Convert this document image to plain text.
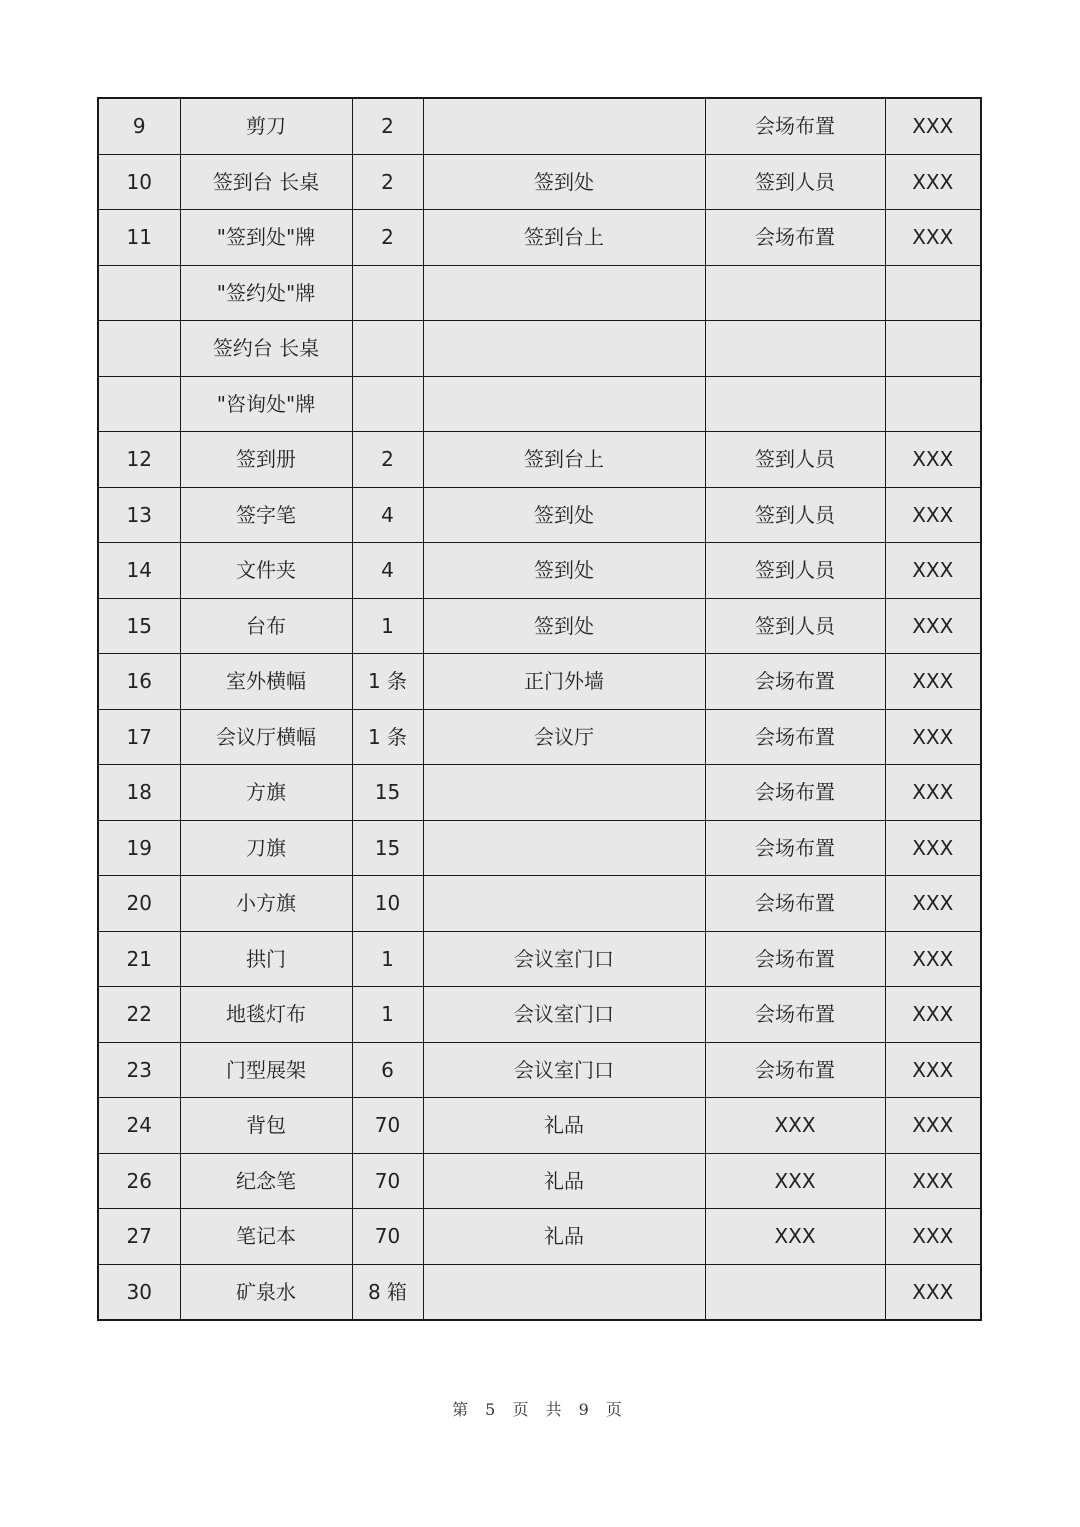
9	剪刀	2		会场布置	XXX
10	签到台 长桌	2	签到处	签到人员	XXX
11	"签到处"牌	2	签到台上	会场布置	XXX
	"签约处"牌				
	签约台 长桌				
	"咨询处"牌				
12	签到册	2	签到台上	签到人员	XXX
13	签字笔	4	签到处	签到人员	XXX
14	文件夹	4	签到处	签到人员	XXX
15	台布	1	签到处	签到人员	XXX
16	室外横幅	1 条	正门外墙	会场布置	XXX
17	会议厅横幅	1 条	会议厅	会场布置	XXX
18	方旗	15		会场布置	XXX
19	刀旗	15		会场布置	XXX
20	小方旗	10		会场布置	XXX
21	拱门	1	会议室门口	会场布置	XXX
22	地毯灯布	1	会议室门口	会场布置	XXX
23	门型展架	6	会议室门口	会场布置	XXX
24	背包	70	礼品	XXX	XXX
26	纪念笔	70	礼品	XXX	XXX
27	笔记本	70	礼品	XXX	XXX
30	矿泉水	8 箱			XXX
第 5 页 共 9 页
